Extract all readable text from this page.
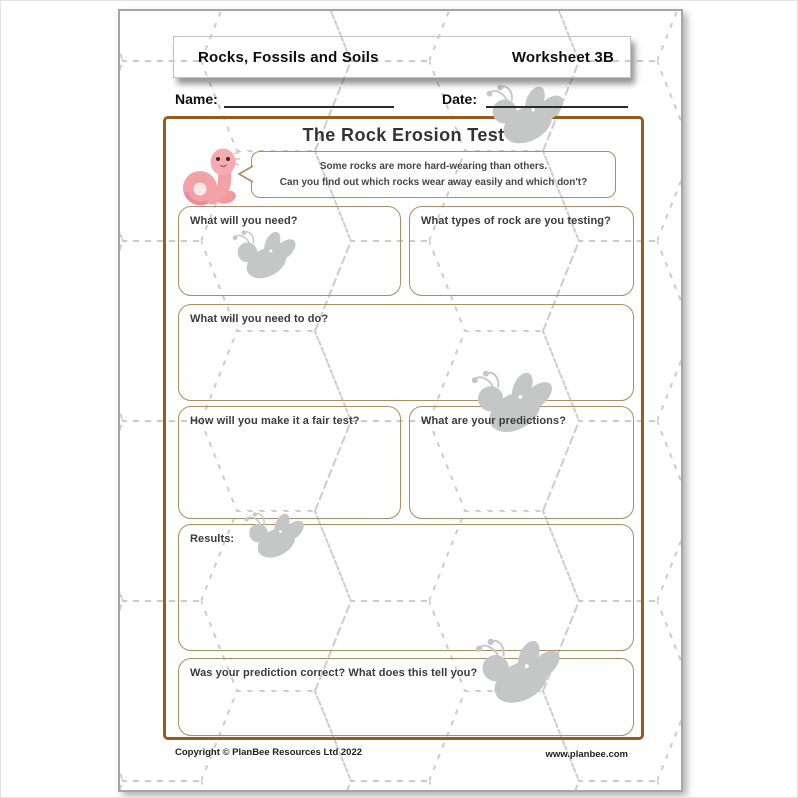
Rocks, Fossils and Soils	Worksheet 3B
Name:	Date:
The Rock Erosion Test
Some rocks are more hard-wearing than others.
Can you find out which rocks wear away easily and which don't?
What will you need?	What types of rock are you testing?
What will you need to do?
How will you make it a fair test?	What are your predictions?
Results:
Was your prediction correct? What does this tell you?
Copyright © PlanBee Resources Ltd 2022	www.planbee.com
